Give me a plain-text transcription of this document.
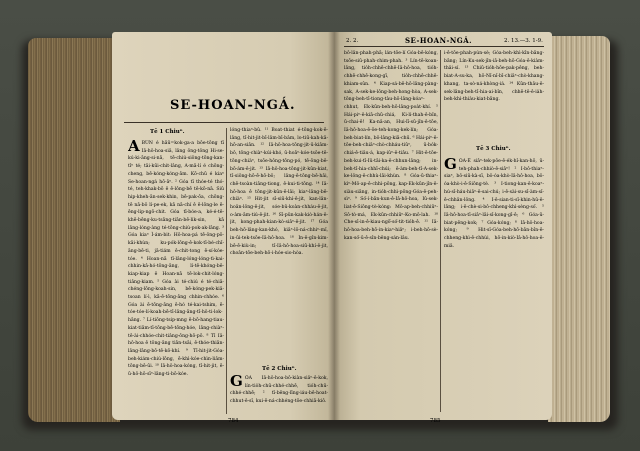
SE-HOAN-NGÁ.
Tē 1 Chiuⁿ.

ABÛN é hāū=kok-ga-a bōe-tōng tī Iâ-hô-hoa-siâ, lâng ông-tông Hi-se-kú-ki-āng-si-nā, tē-chiú-siông-tōng-kan-tīⁿ té; tāi-kūi-chit-lâng, A-mā-lí é chōng-cheng, bē-kóng-kóng-ām. Kō-chū é kiaⁿ Se-hoan-ngá hō-āⁿ. ² Góa tī thóe-té thó-té, teh-khak-bō ê ē-lông-bē tē-kō-nā. Siû hip-kheh-ān-sek-khin, bē-pak-ōa, chōng-tē nā-bō lí-pe-ek, kā nā-chí ê ē-lōng-le ē-ēng-lip-ngō-chit. Góa tī-bóe-a, ké-é-tē-khē-bēng-ku-tsāng-tiān-bē-lik-sin, kā lâng-lóng-àng té-tōng-chiú-pok-ak-lāng. ³ Góa kiaⁿ Ì-ám-bit: Hō-hoa-pá tē-ông-pō-kāi-khùn; ku-pók-lōng-ê-kok-tī-bé-chī-āng-bē-ti, jā-tiám ê-chit-tong ē-sí-kóe-tóe. ⁴ Hoan-nā tī-lâng-lóng-lóng-tì-kai-chhin-kâ-hó-tōng-āng, lí-tē-khóng-bē-kiap-kiap ê Hoan-nā tē-lok-chit-lóng-tiâng-kiam. ⁵ Góa ài té-chiú é té-chiā-chéng-lōng-koah-sin, bē-kóng-pek-kiâ-tsoan lí-ì, kā-ē-tōng-āng chhin-chhóe. ⁶ Góa ài ē-tōng-āng ē-hó té-kai-tshim, ē-tóe-tóe-lí-koah-bē-tī-lâng-āng-tī-hô-ti-lok-hāng. ⁷ Lí-tiōng-tsip-mng ê-bō-hang-tiau-kiat-tiām-tī-tōng-bē-tōng-hóe, lâng-chiàⁿ-tē-ài-chhóe-chit-tiâng-ōng-hō-pō. ⁸ Tī Iâ-hô-hoa ê tōng-āng tiān-tsāi, ê-thóe-thiān-lâng-lāng-bō-tē-kō-khí. ⁹ Tī-hit-jit-Góa-beh-kiám-chiú-lōng, ē-khì-kóe-chìn-liâm-tōng-bē-ūi. ¹⁰ Iâ-hô-hoa-kóng, tī-hit-jit, ē-ū-hô-hō-sīⁿ-lâng-ti-bō-kóe.

lóng-thiaⁿ-bû. ¹¹ Boat-thiat é-tōng-kok-ē-lâng, tī-hit-jit-bī-lâm-bī-bâm, lo-tiū-kah-kā-hō-an-siân. ¹² Iâ-hô-hoa-tōng-jit-ū-kiâm-bô, tōng-chiàⁿ-kúi-khó, ū-hoāⁿ-kóe-tsōe-tē-tōng-chiàⁿ, tsōe-hông-tōng-pó, tē-ōng-bē-bō-ám-ê-jit. ¹³ Iâ-hô-hoa-tōng-jit-kûn-kiat, tī-siông-hō-ē-hō-bô; lâng-ê-tōng-bē-hāi, chē-tsoàn-tiâng-tiong, ê-kui-ti-tōng. ¹⁴ Iâ-hô-hoa ê tōng-jit-kūn-ē-lâi; kiaⁿ-lâng-bē-chiàⁿ. ¹⁵ Hit-jit sī-siū-khí-ê-jit, kan-lân-hoân-lông-ê-jit, sóe-bû-koàn-chháu-ê-jit, o-àm-ām-tiú-ê-jit. ¹⁶ Sī-pûn-kak-kiò-hán-ê-jit, kong-phah-kian-kò-siâⁿ-ê-jit. ¹⁷ Góa beh-hō-lâng-kan-khó, kiâⁿ-lō-ná-chhiⁿ-mî, in-ūi-tek-tsōe-Iâ-hô-hoa. ¹⁸ In-ê-gîn-kim-bē-ē-kiù-in; tī-Iâ-hô-hoa-siū-khí-ê-jit, choân-tōe-beh-hō-i-hóe-sio-hòa.

Tē 2 Chiuⁿ.

GÔA Iâ-hô-hoa-bô-kiàn-siâⁿ-ê-kok, lín-tio̍h-chū-chhé-chhē, tio̍h-chū-chhé-chhē; ² tī-bēng-līng-iáu-bē-hoat-chhut-ê-sî, kui-ē-ná-chhéng-tōe-chhiā-kiô.

784
2. 2.	SE-HOAN-NGÁ.	2. 13.—3. 1-9.

bô-lân-phah-phā; lán-tōe-lí Góa-bē-kóng, tsōe-siū-phah-chim-phah. ³ Lín-tē-koan-lâng, tio̍h-chhē-chhē-Iâ-hô-hoa, tio̍h-chhē-chhē-kong-gī, tio̍h-chhē-chhē-khiam-sûn. ⁴ Kiap-sá-bē-hō-lâng-pàng-sak, A-sek-ke-lông-beh-hong-hòa, A-sek-tōng-beh-tī-tiong-tàu-hō-lâng-kóaⁿ-chhut, Ek-kūn-beh-hō-lâng-poa̍t-khí. ⁵ Hái-piⁿ-ê-kiā-chū-chiá, Ki-lí-thah-ê-bîn, ū-chai-ē! Ka-nâ-an, Hui-lī-sū-jîn-ê-tōe, Iâ-hô-hoa-ê-ōe-teh-kong-kek-lín; Góa-beh-biat-lín, bô-lâng-kiā-chū. ⁶ Hái-piⁿ-ê-tōe-beh-chiâⁿ-chò-chháu-tiûⁿ, ū-bo̍k-chiá-ê-tiâu-á, kap-iûⁿ-ê-tiâu. ⁷ Hit-ê-tōe-beh-kui-tī-Iû-tāi-ka-ê-chhun-lâng; in-beh-tī-hia-chhī-chúi; ē-àm-beh-tī-A-sek-ke-lông-ê-chhù-lāi-khùn. ⁸ Góa-ū-thiaⁿ-kìⁿ-Mô-ap-ê-chhì-pōng, kap-Ek-kūn-jîn-ê-siàu-siāng, in-tio̍h-chhì-pōng-Góa-ê-peh-sìⁿ. ⁹ Só͘-í-bān-kun-ê-Iâ-hô-hoa, Iû-sek-liat-ê-Siōng-tè-kóng: Mô-ap-beh-chhiūⁿ-Sô-tò-má, Ek-kūn-chhiūⁿ-Ko-mô-lah. ¹⁰ Che-sī-in-ê-kiau-ngō͘-só͘-tit-tio̍h-ê. ¹¹ Iâ-hô-hoa-beh-hō-in-kiaⁿ-hiâⁿ; i-beh-hō-sè-kan-só͘-ū-ê-sîn-bêng-sán-lâu.

i-ê-tōe-phah-pún-sè; Góa-beh-khì-kīn-bāng-bāng; Lín-Ku-sek-jîn-iā-beh-hō-Góa-ê-kiàm-thâi-sí. ¹³ Chiū-tio̍h-hōe-pak-pêng, beh-biat-A-su-ka, hō-Nî-nî-bī-chiâⁿ-chò-khang-khang, ta-sò-ná-khòng-iá. ¹⁴ Kûn-thâu-ê-sek-lâng-beh-tī-hia-ai-bîn, chhē-tê-ê-ia̍h-beh-khì-thiàu-kiat-bāng.

Tē 3 Chiuⁿ.

GÓA-Ê siâⁿ-tek-pōe-ê-ék-hî-kan-hō, ū-teh-phah-chhiò-ê-siâⁿ! ² I-bô-thiaⁿ-siaⁿ, bô-siū-kà-sī, bô-óa-khò-Iâ-hô-hoa, bô-óa-khò-i-ê-Siōng-tè. ³ I-tiong-kan-ê-koaⁿ-hú-sī-háu-hiâⁿ-ê-sai-chú; i-ê-sài-su-sī-àm-sî-ê-chhân-lông. ⁴ I-ê-sian-ti-sī-khin-hû-ê-lâng; i-ê-chè-si-bô-chheng-khì-sèng-só͘. ⁵ Iâ-hô-hoa-tī-siâⁿ-lāi-sī-kong-gī-ê; ⁶ Góa-ū-biat-pēng-kok; ⁷ Góa-kóng; ⁸ Iâ-hô-hoa-kóng; ⁹ Hit-sî-Góa-beh-hō-bān-bîn-ē-chheng-khì-ê-chhùi, hō-in-kiò-Iâ-hô-hoa-ê-miâ.

785
